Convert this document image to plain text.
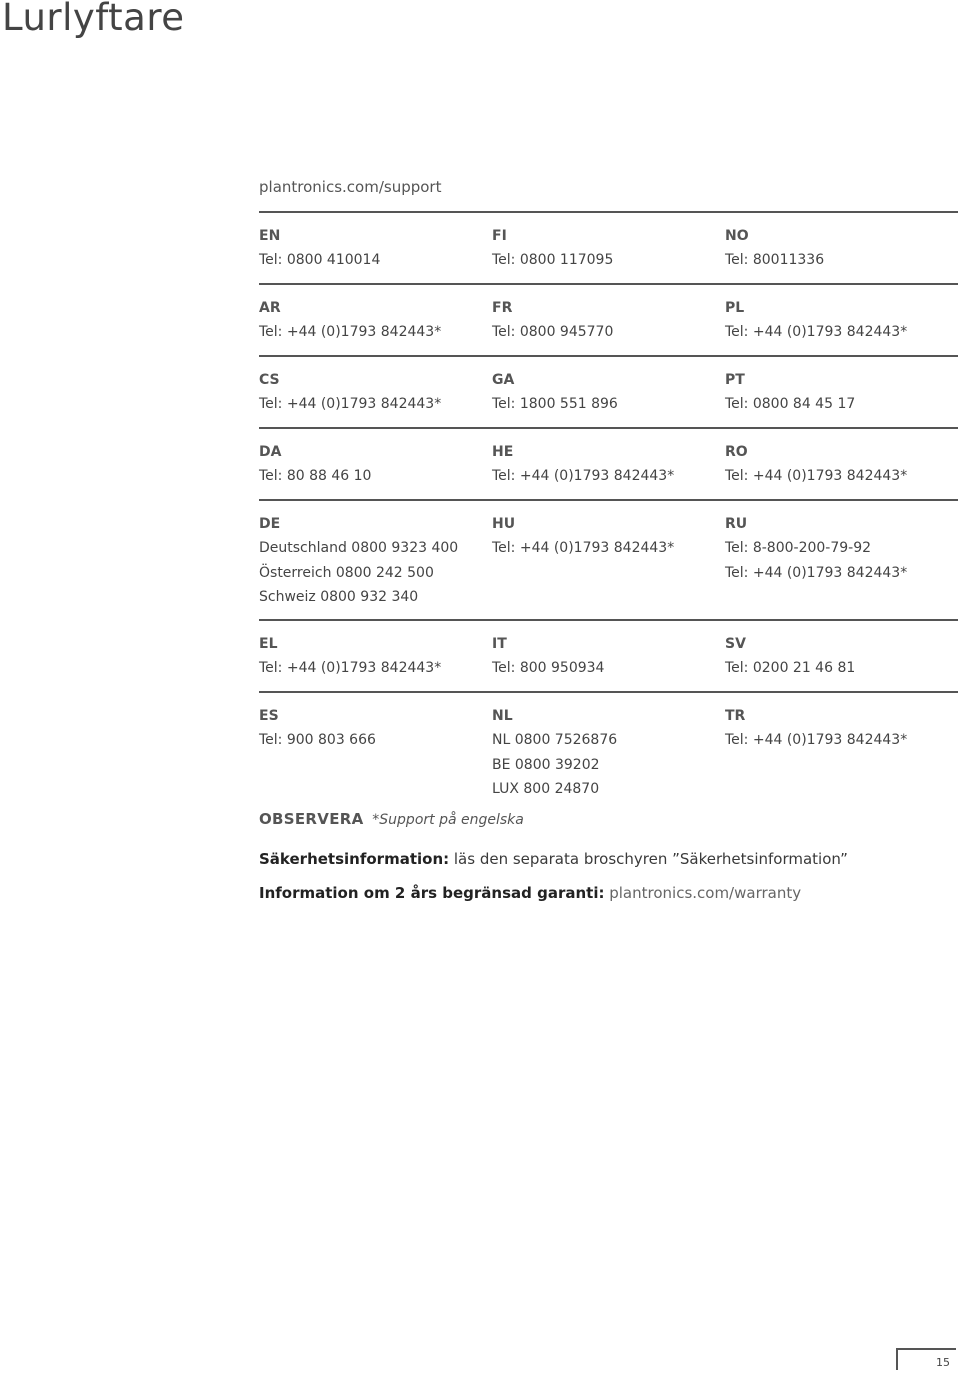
Lurlyftare
plantronics.com/support
EN
Tel: 0800 410014
FI
Tel: 0800 117095
NO
Tel: 80011336
AR
Tel: +44 (0)1793 842443*
FR
Tel: 0800 945770
PL
Tel: +44 (0)1793 842443*
CS
Tel: +44 (0)1793 842443*
GA
Tel: 1800 551 896
PT
Tel: 0800 84 45 17
DA
Tel: 80 88 46 10
HE
Tel: +44 (0)1793 842443*
RO
Tel: +44 (0)1793 842443*
DE
Deutschland 0800 9323 400
Österreich 0800 242 500
Schweiz 0800 932 340
HU
Tel: +44 (0)1793 842443*
RU
Tel: 8-800-200-79-92
Tel: +44 (0)1793 842443*
EL
Tel: +44 (0)1793 842443*
IT
Tel: 800 950934
SV
Tel: 0200 21 46 81
ES
Tel: 900 803 666
NL
NL 0800 7526876
BE 0800 39202
LUX 800 24870
TR
Tel: +44 (0)1793 842443*
OBSERVERA *Support på engelska
Säkerhetsinformation: läs den separata broschyren ”Säkerhetsinformation”
Information om 2 års begränsad garanti: plantronics.com/warranty
15
